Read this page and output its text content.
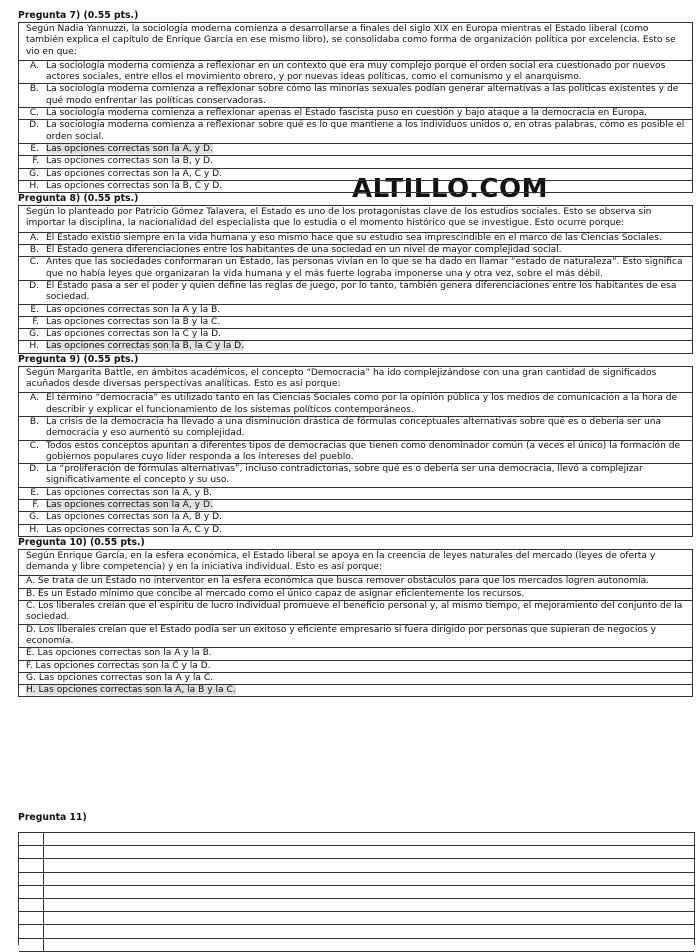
ALTILLO.COM
Pregunta 7) (0.55 pts.)
Según Nadia Yannuzzi, la sociología moderna comienza a desarrollarse a finales del siglo XIX en Europa mientras el Estado liberal (como también explica el capítulo de Enrique García en ese mismo libro), se consolidaba como forma de organización política por excelencia. Esto se vio en que:
A. La sociología moderna comienza a reflexionar en un contexto que era muy complejo porque el orden social era cuestionado por nuevos actores sociales, entre ellos el movimiento obrero, y por nuevas ideas políticas, como el comunismo y el anarquismo.
B. La sociología moderna comienza a reflexionar sobre cómo las minorías sexuales podían generar alternativas a las políticas existentes y de qué modo enfrentar las políticas conservadoras.
C. La sociología moderna comienza a reflexionar apenas el Estado fascista puso en cuestión y bajo ataque a la democracia en Europa.
D. La sociología moderna comienza a reflexionar sobre qué es lo que mantiene a los individuos unidos o, en otras palabras, cómo es posible el orden social.
E. Las opciones correctas son la A, y D.
F. Las opciones correctas son la B, y D.
G. Las opciones correctas son la A, C y D.
H. Las opciones correctas son la B, C y D.
Pregunta 8) (0.55 pts.)
Según lo planteado por Patricio Gómez Talavera, el Estado es uno de los protagonistas clave de los estudios sociales. Esto se observa sin importar la disciplina, la nacionalidad del especialista que lo estudia o el momento histórico que se investigue. Esto ocurre porque:
A. El Estado existió siempre en la vida humana y eso mismo hace que su estudio sea imprescindible en el marco de las Ciencias Sociales.
B. El Estado genera diferenciaciones entre los habitantes de una sociedad en un nivel de mayor complejidad social.
C. Antes que las sociedades conformaran un Estado, las personas vivían en lo que se ha dado en llamar “estado de naturaleza”. Esto significa que no había leyes que organizaran la vida humana y el más fuerte lograba imponerse una y otra vez, sobre el más débil.
D. El Estado pasa a ser el poder y quien define las reglas de juego, por lo tanto, también genera diferenciaciones entre los habitantes de esa sociedad.
E. Las opciones correctas son la A y la B.
F. Las opciones correctas son la B y la C.
G. Las opciones correctas son la C y la D.
H. Las opciones correctas son la B, la C y la D.
Pregunta 9) (0.55 pts.)
Según Margarita Battle, en ámbitos académicos, el concepto “Democracia” ha ido complejizándose con una gran cantidad de significados acuñados desde diversas perspectivas analíticas. Esto es así porque:
A. El término “democracia” es utilizado tanto en las Ciencias Sociales como por la opinión pública y los medios de comunicación a la hora de describir y explicar el funcionamiento de los sistemas políticos contemporáneos.
B. La crisis de la democracia ha llevado a una disminución drástica de fórmulas conceptuales alternativas sobre qué es o debería ser una democracia y eso aumentó su complejidad.
C. Todos estos conceptos apuntan a diferentes tipos de democracias que tienen como denominador común (a veces el único) la formación de gobiernos populares cuyo líder responda a los intereses del pueblo.
D. La “proliferación de fórmulas alternativas”, incluso contradictorias, sobre qué es o debería ser una democracia, llevó a complejizar significativamente el concepto y su uso.
E. Las opciones correctas son la A, y B.
F. Las opciones correctas son la A, y D.
G. Las opciones correctas son la A, B y D.
H. Las opciones correctas son la A, C y D.
Pregunta 10) (0.55 pts.)
Según Enrique García, en la esfera económica, el Estado liberal se apoya en la creencia de leyes naturales del mercado (leyes de oferta y demanda y libre competencia) y en la iniciativa individual. Esto es así porque:
A. Se trata de un Estado no interventor en la esfera económica que busca remover obstáculos para que los mercados logren autonomía.
B. Es un Estado mínimo que concibe al mercado como el único capaz de asignar eficientemente los recursos.
C. Los liberales creían que el espíritu de lucro individual promueve el beneficio personal y, al mismo tiempo, el mejoramiento del conjunto de la sociedad.
D. Los liberales creían que el Estado podía ser un exitoso y eficiente empresario si fuera dirigido por personas que supieran de negocios y economía.
E. Las opciones correctas son la A y la B.
F. Las opciones correctas son la C y la D.
G. Las opciones correctas son la A y la C.
H. Las opciones correctas son la A, la B y la C.
Pregunta 11)
